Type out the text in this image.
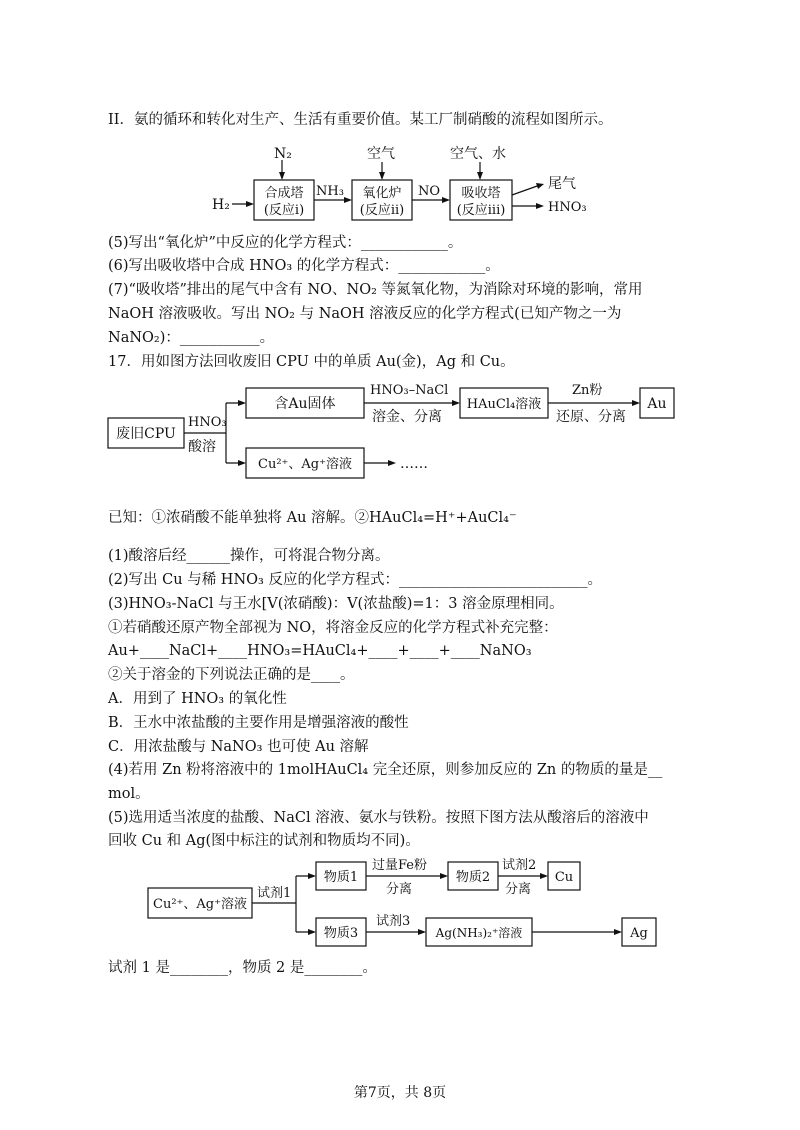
II．氨的循环和转化对生产、生活有重要价值。某工厂制硝酸的流程如图所示。
N₂	空气	空气、水
H₂
NH₃	NO	尾气
HNO₃
合成塔
(反应i)
氧化炉
(反应ii)
吸收塔
(反应iii)
废旧CPU
HNO₃
酸溶
含Au固体
HNO₃–NaCl
溶金、分离
HAuCl₄溶液
Zn粉
还原、分离
Au
Cu²⁺、Ag⁺溶液	……
Cu²⁺、Ag⁺溶液
试剂1
物质1
过量Fe粉
分离
物质2
试剂2
分离
Cu
物质3
试剂3
Ag(NH₃)₂⁺溶液	Ag
(5)写出“氧化炉”中反应的化学方程式：____________。
(6)写出吸收塔中合成 HNO₃ 的化学方程式：____________。
(7)“吸收塔”排出的尾气中含有 NO、NO₂ 等氮氧化物，为消除对环境的影响，常用
NaOH 溶液吸收。写出 NO₂ 与 NaOH 溶液反应的化学方程式(已知产物之一为
NaNO₂)：___________。
17．用如图方法回收废旧 CPU 中的单质 Au(金)，Ag 和 Cu。
已知：①浓硝酸不能单独将 Au 溶解。②HAuCl₄=H⁺+AuCl₄⁻
(1)酸溶后经______操作，可将混合物分离。
(2)写出 Cu 与稀 HNO₃ 反应的化学方程式：__________________________。
(3)HNO₃-NaCl 与王水[V(浓硝酸)：V(浓盐酸)=1：3 溶金原理相同。
①若硝酸还原产物全部视为 NO，将溶金反应的化学方程式补充完整：
Au+____NaCl+____HNO₃=HAuCl₄+____+____+____NaNO₃
②关于溶金的下列说法正确的是____。
A．用到了 HNO₃ 的氧化性
B．王水中浓盐酸的主要作用是增强溶液的酸性
C．用浓盐酸与 NaNO₃ 也可使 Au 溶解
(4)若用 Zn 粉将溶液中的 1molHAuCl₄ 完全还原，则参加反应的 Zn 的物质的量是__
mol。
(5)选用适当浓度的盐酸、NaCl 溶液、氨水与铁粉。按照下图方法从酸溶后的溶液中
回收 Cu 和 Ag(图中标注的试剂和物质均不同)。
试剂 1 是________，物质 2 是________。
第7页，共 8页
